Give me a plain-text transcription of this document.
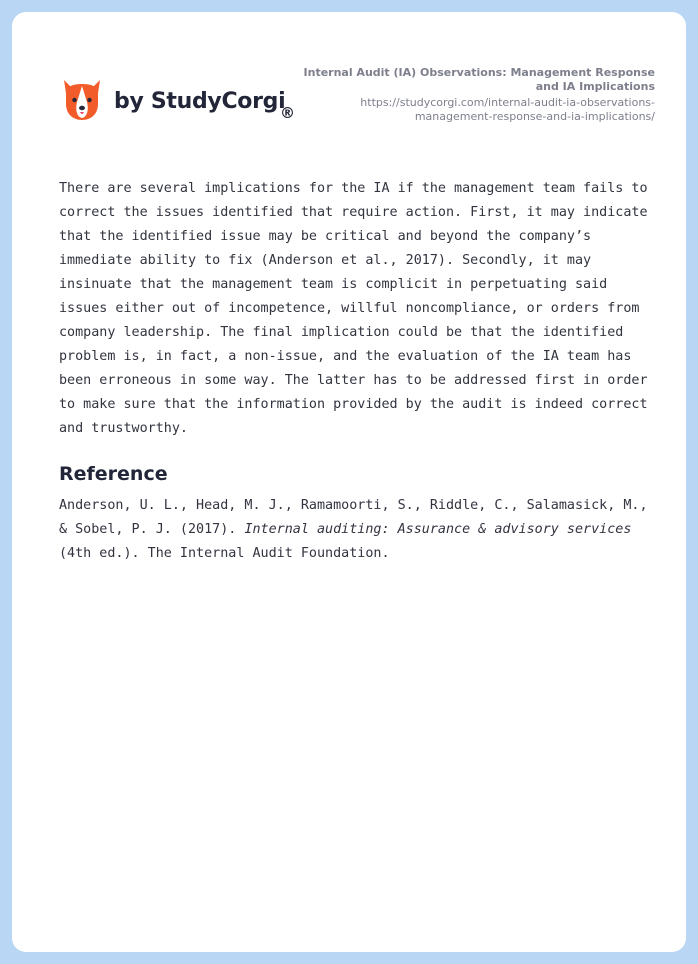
by StudyCorgi
®
Internal Audit (IA) Observations: Management Response and IA Implications
https://studycorgi.com/internal-audit-ia-observations-management-response-and-ia-implications/

There are several implications for the IA if the management team fails to correct the issues identified that require action. First, it may indicate that the identified issue may be critical and beyond the company’s immediate ability to fix (Anderson et al., 2017). Secondly, it may insinuate that the management team is complicit in perpetuating said issues either out of incompetence, willful noncompliance, or orders from company leadership. The final implication could be that the identified problem is, in fact, a non-issue, and the evaluation of the IA team has been erroneous in some way. The latter has to be addressed first in order to make sure that the information provided by the audit is indeed correct and trustworthy.

Reference

Anderson, U. L., Head, M. J., Ramamoorti, S., Riddle, C., Salamasick, M., & Sobel, P. J. (2017). Internal auditing: Assurance & advisory services (4th ed.). The Internal Audit Foundation.
